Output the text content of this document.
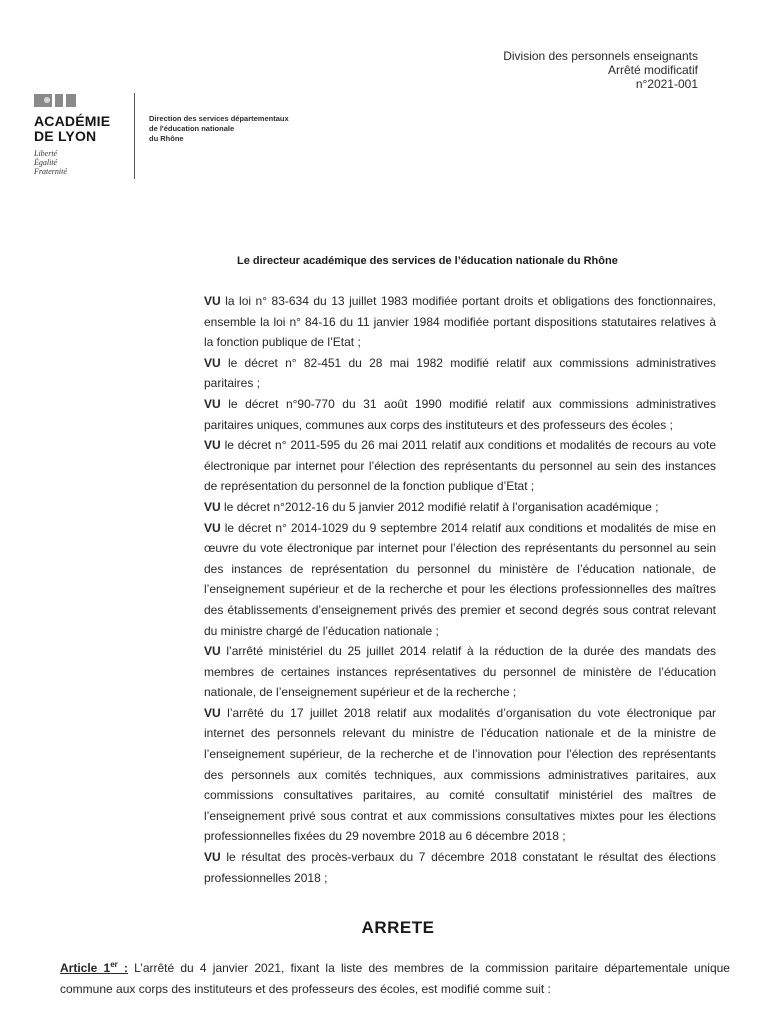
Division des personnels enseignants
Arrêté modificatif
n°2021-001
ACADÉMIE
DE LYON
Liberté
Égalité
Fraternité
Direction des services départementaux
de l'éducation nationale
du Rhône
Le directeur académique des services de l’éducation nationale du Rhône

VU la loi n° 83-634 du 13 juillet 1983 modifiée portant droits et obligations des fonctionnaires, ensemble la loi n° 84-16 du 11 janvier 1984 modifiée portant dispositions statutaires relatives à la fonction publique de l’Etat ;

VU le décret n° 82-451 du 28 mai 1982 modifié relatif aux commissions administratives paritaires ;

VU le décret n°90-770 du 31 août 1990 modifié relatif aux commissions administratives paritaires uniques, communes aux corps des instituteurs et des professeurs des écoles ;

VU le décret n° 2011-595 du 26 mai 2011 relatif aux conditions et modalités de recours au vote électronique par internet pour l’élection des représentants du personnel au sein des instances de représentation du personnel de la fonction publique d’Etat ;

VU le décret n°2012-16 du 5 janvier 2012 modifié relatif à l’organisation académique ;

VU le décret n° 2014-1029 du 9 septembre 2014 relatif aux conditions et modalités de mise en œuvre du vote électronique par internet pour l’élection des représentants du personnel au sein des instances de représentation du personnel du ministère de l’éducation nationale, de l’enseignement supérieur et de la recherche et pour les élections professionnelles des maîtres des établissements d’enseignement privés des premier et second degrés sous contrat relevant du ministre chargé de l’éducation nationale ;

VU l’arrêté ministériel du 25 juillet 2014 relatif à la réduction de la durée des mandats des membres de certaines instances représentatives du personnel de ministère de l’éducation nationale, de l’enseignement supérieur et de la recherche ;

VU l’arrêté du 17 juillet 2018 relatif aux modalités d’organisation du vote électronique par internet des personnels relevant du ministre de l’éducation nationale et de la ministre de l’enseignement supérieur, de la recherche et de l’innovation pour l’élection des représentants des personnels aux comités techniques, aux commissions administratives paritaires, aux commissions consultatives paritaires, au comité consultatif ministériel des maîtres de l’enseignement privé sous contrat et aux commissions consultatives mixtes pour les élections professionnelles fixées du 29 novembre 2018 au 6 décembre 2018 ;

VU le résultat des procès-verbaux du 7 décembre 2018 constatant le résultat des élections professionnelles 2018 ;

ARRETE

Article 1er : L’arrêté du 4 janvier 2021, fixant la liste des membres de la commission paritaire départementale unique commune aux corps des instituteurs et des professeurs des écoles, est modifié comme suit :
